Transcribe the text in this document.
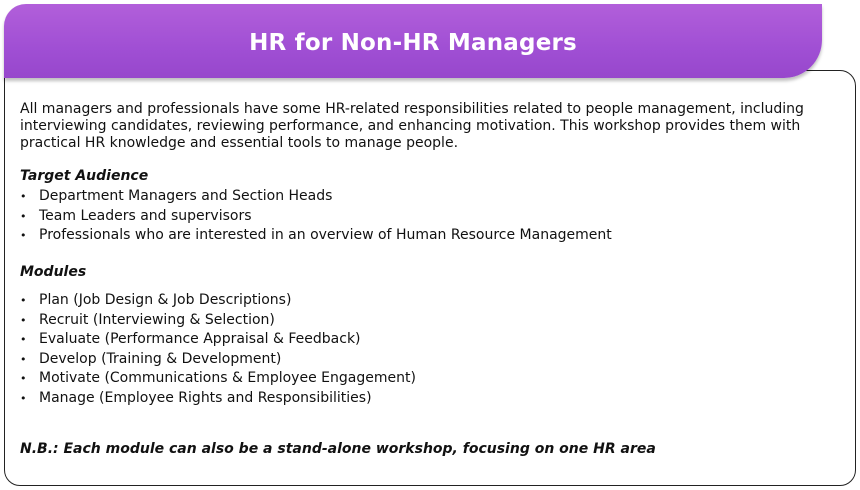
All managers and professionals have some HR-related responsibilities related to people management, including interviewing candidates, reviewing performance, and enhancing motivation. This workshop provides them with practical HR knowledge and essential tools to manage people.

Target Audience

• Department Managers and Section Heads
• Team Leaders and supervisors
• Professionals who are interested in an overview of Human Resource Management

Modules

• Plan (Job Design & Job Descriptions)
• Recruit (Interviewing & Selection)
• Evaluate (Performance Appraisal & Feedback)
• Develop (Training & Development)
• Motivate (Communications & Employee Engagement)
• Manage (Employee Rights and Responsibilities)

N.B.: Each module can also be a stand-alone workshop, focusing on one HR area

HR for Non-HR Managers
